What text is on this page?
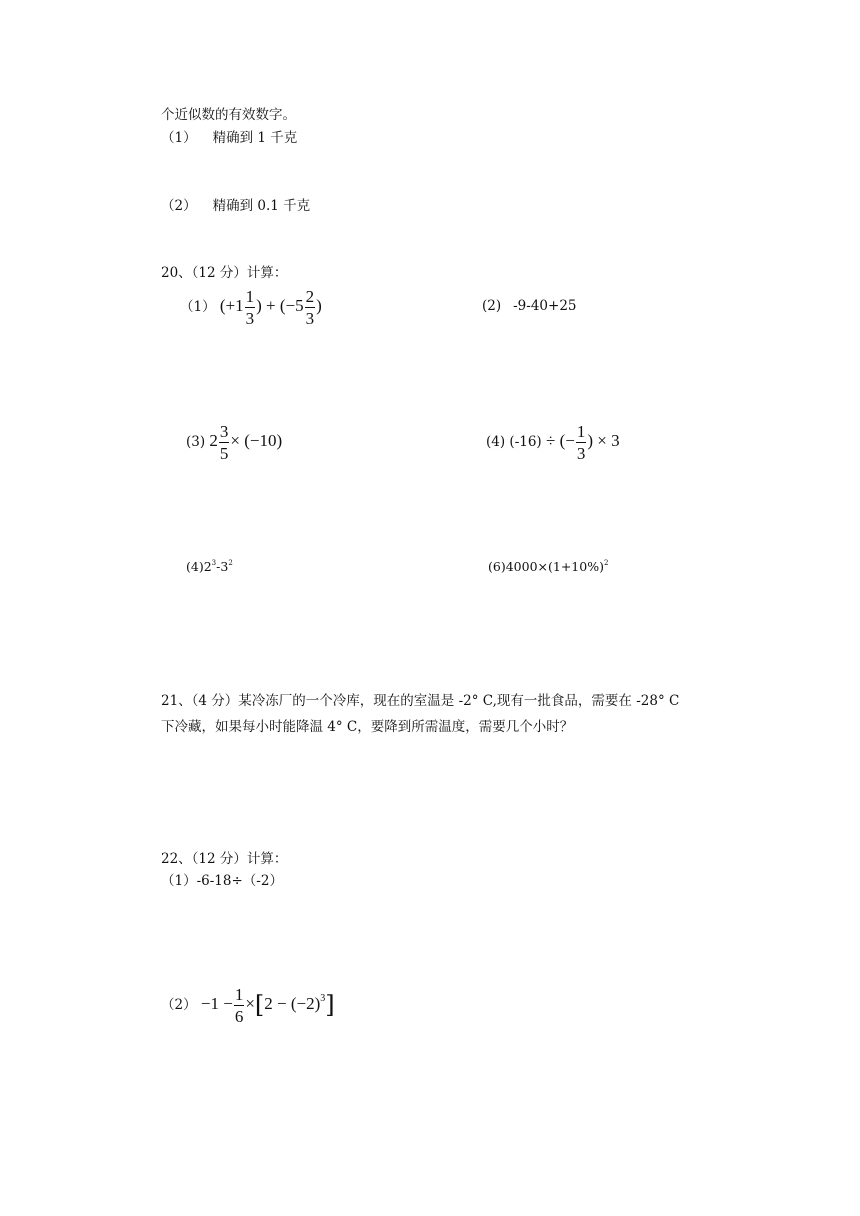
个近似数的有效数字。
（1） 精确到 1 千克
（2） 精确到 0.1 千克
20、（12 分）计算：
（1） ($+1 \frac{1}{3}$ ) + ($-5 \frac{2}{3}$ )	(2) -9-40+25
(3) $2 \frac{3}{5} \times (-10)$	(4) (-16) ÷ (− $\frac{1}{3}$ ) × 3
$(4)2^3-3^2$	$(6)4000\times(1+10\%)^2$
21、（4 分）某冷冻厂的一个冷库，现在的室温是 -2° C,现有一批食品，需要在 -28° C
下冷藏，如果每小时能降温 4° C，要降到所需温度，需要几个小时？
22、（12 分）计算：
（1）-6-18÷（-2）
$(2) -1 - \frac{1}{6} \times[2 - (-2)^3]$
